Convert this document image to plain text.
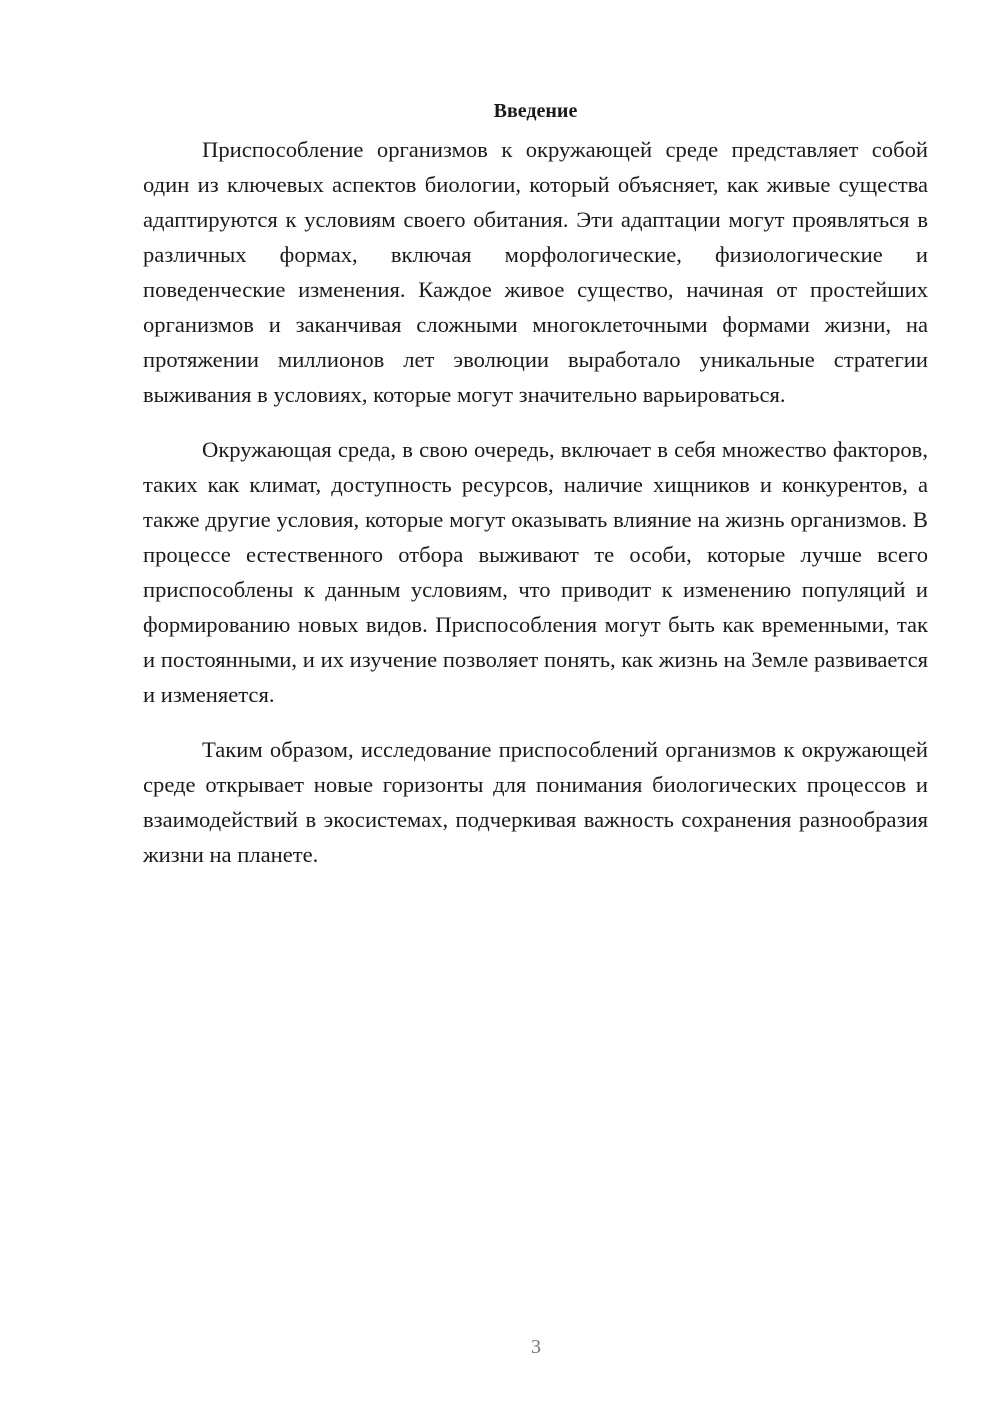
Введение

Приспособление организмов к окружающей среде представляет собой один из ключевых аспектов биологии, который объясняет, как живые существа адаптируются к условиям своего обитания. Эти адаптации могут проявляться в различных формах, включая морфологические, физиологические и поведенческие изменения. Каждое живое существо, начиная от простейших организмов и заканчивая сложными многоклеточными формами жизни, на протяжении миллионов лет эволюции выработало уникальные стратегии выживания в условиях, которые могут значительно варьироваться.

Окружающая среда, в свою очередь, включает в себя множество факторов, таких как климат, доступность ресурсов, наличие хищников и конкурентов, а также другие условия, которые могут оказывать влияние на жизнь организмов. В процессе естественного отбора выживают те особи, которые лучше всего приспособлены к данным условиям, что приводит к изменению популяций и формированию новых видов. Приспособления могут быть как временными, так и постоянными, и их изучение позволяет понять, как жизнь на Земле развивается и изменяется.

Таким образом, исследование приспособлений организмов к окружающей среде открывает новые горизонты для понимания биологических процессов и взаимодействий в экосистемах, подчеркивая важность сохранения разнообразия жизни на планете.

3
